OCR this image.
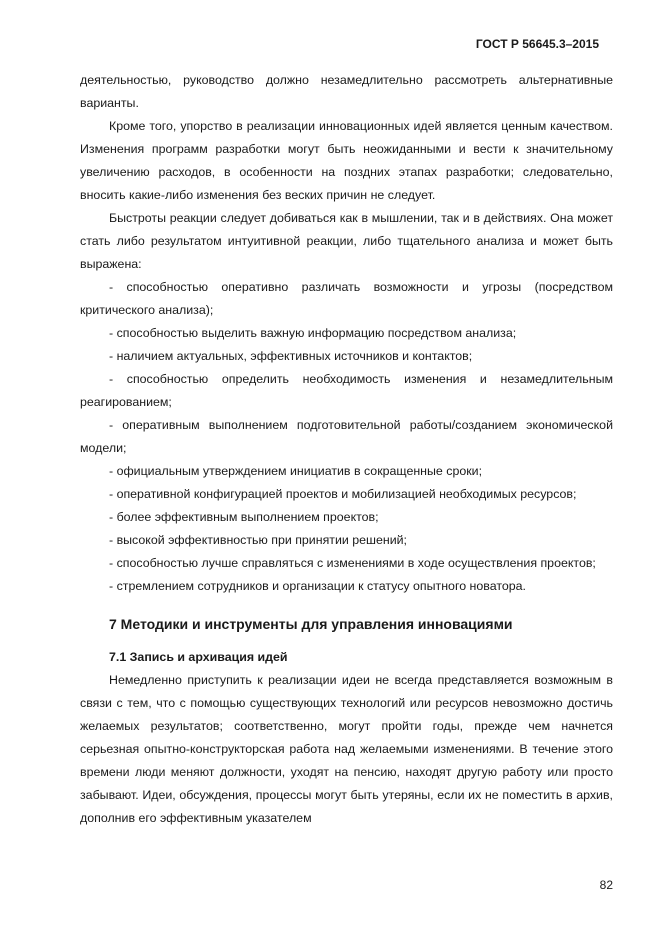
ГОСТ Р 56645.3–2015

деятельностью, руководство должно незамедлительно рассмотреть альтернативные варианты.

Кроме того, упорство в реализации инновационных идей является ценным качеством. Изменения программ разработки могут быть неожиданными и вести к значительному увеличению расходов, в особенности на поздних этапах разработки; следовательно, вносить какие-либо изменения без веских причин не следует.

Быстроты реакции следует добиваться как в мышлении, так и в действиях. Она может стать либо результатом интуитивной реакции, либо тщательного анализа и может быть выражена:

- способностью оперативно различать возможности и угрозы (посредством критического анализа);

- способностью выделить важную информацию посредством анализа;

- наличием актуальных, эффективных источников и контактов;

- способностью определить необходимость изменения и незамедлительным реагированием;

- оперативным выполнением подготовительной работы/созданием экономической модели;

- официальным утверждением инициатив в сокращенные сроки;

- оперативной конфигурацией проектов и мобилизацией необходимых ресурсов;

- более эффективным выполнением проектов;

- высокой эффективностью при принятии решений;

- способностью лучше справляться с изменениями в ходе осуществления проектов;

- стремлением сотрудников и организации к статусу опытного новатора.

7 Методики и инструменты для управления инновациями
7.1 Запись и архивация идей

Немедленно приступить к реализации идеи не всегда представляется возможным в связи с тем, что с помощью существующих технологий или ресурсов невозможно достичь желаемых результатов; соответственно, могут пройти годы, прежде чем начнется серьезная опытно-конструкторская работа над желаемыми изменениями. В течение этого времени люди меняют должности, уходят на пенсию, находят другую работу или просто забывают. Идеи, обсуждения, процессы могут быть утеряны, если их не поместить в архив, дополнив его эффективным указателем

82
